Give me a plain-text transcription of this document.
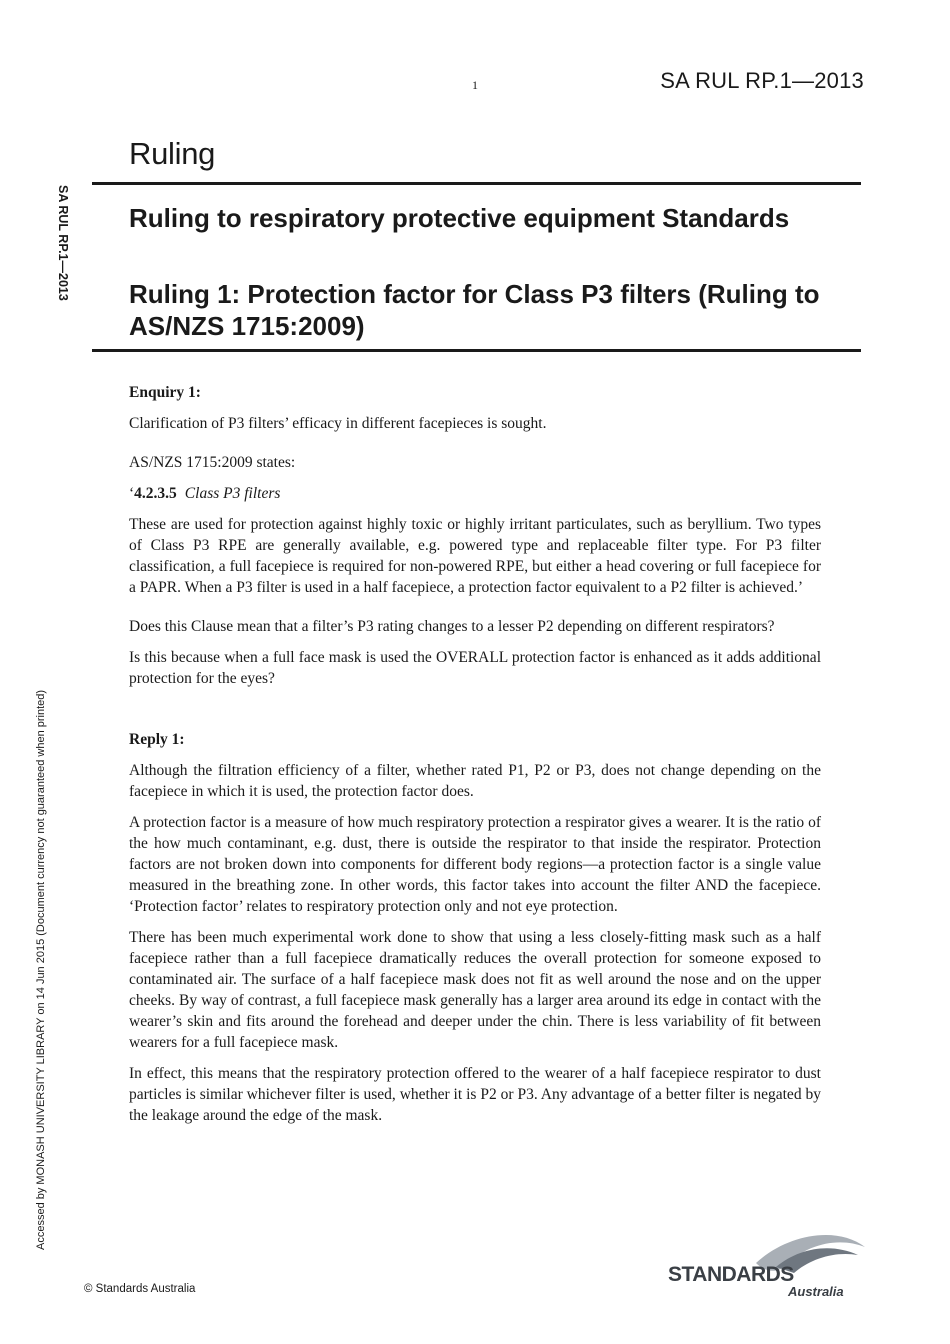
1	SA RUL RP.1—2013
Ruling
Ruling to respiratory protective equipment Standards
Ruling 1: Protection factor for Class P3 filters (Ruling to AS/NZS 1715:2009)
SA RUL RP.1—2013
Accessed by MONASH UNIVERSITY LIBRARY on 14 Jun 2015 (Document currency not guaranteed when printed)

Enquiry 1:

Clarification of P3 filters’ efficacy in different facepieces is sought.

AS/NZS 1715:2009 states:

‘4.2.3.5 Class P3 filters

These are used for protection against highly toxic or highly irritant particulates, such as beryllium. Two types of Class P3 RPE are generally available, e.g. powered type and replaceable filter type. For P3 filter classification, a full facepiece is required for non-powered RPE, but either a head covering or full facepiece for a PAPR. When a P3 filter is used in a half facepiece, a protection factor equivalent to a P2 filter is achieved.’

Does this Clause mean that a filter’s P3 rating changes to a lesser P2 depending on different respirators?

Is this because when a full face mask is used the OVERALL protection factor is enhanced as it adds additional protection for the eyes?

Reply 1:

Although the filtration efficiency of a filter, whether rated P1, P2 or P3, does not change depending on the facepiece in which it is used, the protection factor does.

A protection factor is a measure of how much respiratory protection a respirator gives a wearer. It is the ratio of the how much contaminant, e.g. dust, there is outside the respirator to that inside the respirator. Protection factors are not broken down into components for different body regions—a protection factor is a single value measured in the breathing zone. In other words, this factor takes into account the filter AND the facepiece. ‘Protection factor’ relates to respiratory protection only and not eye protection.

There has been much experimental work done to show that using a less closely-fitting mask such as a half facepiece rather than a full facepiece dramatically reduces the overall protection for someone exposed to contaminated air. The surface of a half facepiece mask does not fit as well around the nose and on the upper cheeks. By way of contrast, a full facepiece mask generally has a larger area around its edge in contact with the wearer’s skin and fits around the forehead and deeper under the chin. There is less variability of fit between wearers for a full facepiece mask.

In effect, this means that the respiratory protection offered to the wearer of a half facepiece respirator to dust particles is similar whichever filter is used, whether it is P2 or P3. Any advantage of a better filter is negated by the leakage around the edge of the mask.

© Standards Australia
STANDARDS
Australia
